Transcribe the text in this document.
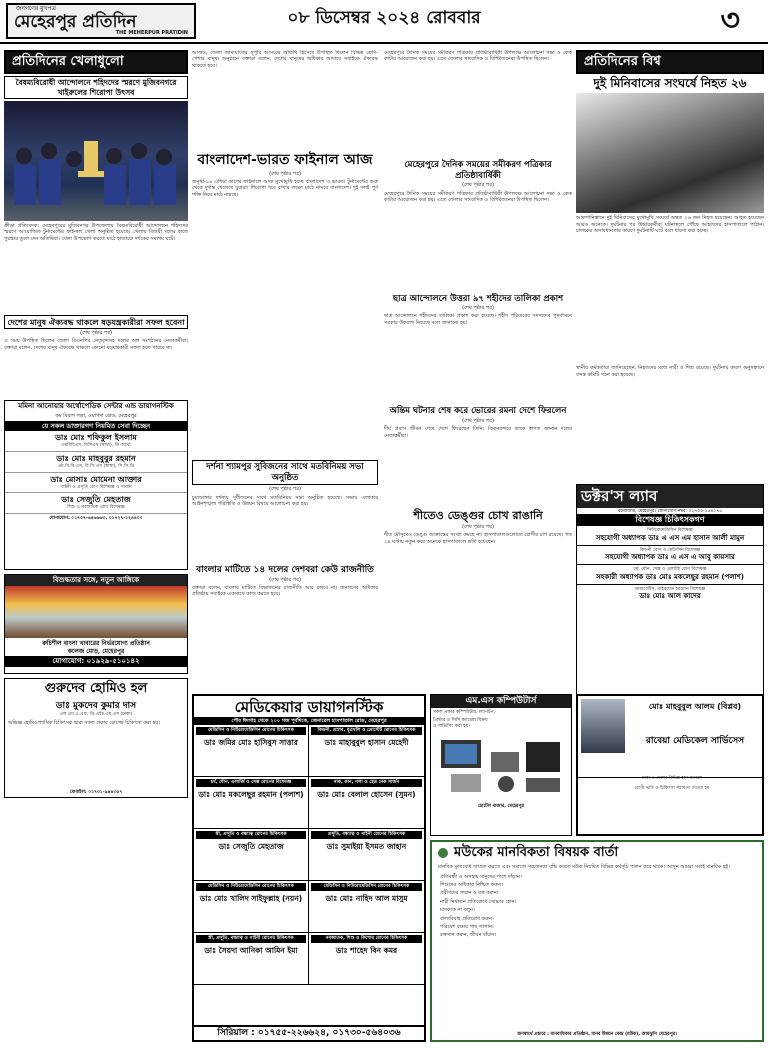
জনগণের মুখপত্র
মেহেরপুর প্রতিদিন
THE MEHERPUR PRATIDIN
০৮ ডিসেম্বর ২০২৪ রোববার	৩
প্রতিদিনের খেলাধুলো
বৈষম্যবিরোধী আন্দোলনে শহিদদের স্মরণে মুজিবনগরে খাইরুলের শিরোপা উৎসব
ক্রীড়া প্রতিবেদক: মেহেরপুরের মুজিবনগর উপজেলায় বৈষম্যবিরোধী আন্দোলনে শহিদদের স্মরণে আয়োজিত টুর্নামেন্টের ফাইনাল খেলা অনুষ্ঠিত হয়েছে। খেলায় বিজয়ী দলের হাতে পুরস্কার তুলে দেন অতিথিরা। খেলা উপভোগ করতে মাঠে হাজারো দর্শকের সমাগম ঘটে।
দেশের মানুষ ঐক্যবদ্ধ থাকলে ষড়যন্ত্রকারীরা সফল হবেনা
(শেষ পৃষ্ঠার পর)
এ সময় উপস্থিত ছিলেন জেলা বিএনপির নেতৃবৃন্দসহ দলের অঙ্গ সংগঠনের নেতাকর্মীরা। বক্তারা বলেন, দেশের মানুষ ঐক্যবদ্ধ থাকলে কোনো ষড়যন্ত্রকারী সফল হতে পারবে না।
মমিনা আনোয়ার অর্থোপেডিক সেন্টার এন্ড ডায়াগনস্টিক
কম বিরাগ গড়া, ওয়াপদা রোড, মেহেরপুর
যে সকল ডাক্তারগণ নিয়মিত সেবা দিচ্ছেন
ডাঃ মোঃ শফিকুল ইসলাম
এমবিবিএস, বিসিএস (স্বাস্থ্য), ডি-অর্থো
ডাঃ মোঃ মাহবুবুর রহমান
এম.বি.বি.এস, বি.সি.এস (স্বাস্থ্য), সি.সি.ডি
ডাঃ মোসাঃ মোমেনা আক্তার
গাইনী ও প্রসূতি রোগ বিশেষজ্ঞ ও সার্জন
ডাঃ সেজুতি মেহতাজ
শিশু ও নবজাতক রোগ বিশেষজ্ঞ
যোগাযোগ: ০১৭০৭-৬৪৬৬৬৩, ০১৭২৭-১২৪৪০০
বিশুদ্ধতার সঙ্গে, নতুন আঙ্গিকে
রুচিশীল বাংলা খাবারের নির্ভরযোগ্য প্রতিষ্ঠান
কলেজ মোড়, মেহেরপুর
যোগাযোগ: ০১৯২৯-৫১০১৪২
গুরুদেব হোমিও হল
ডাঃ মুকদেব কুমার দাস
এল.এম.এ.এফ, ডি.এইচ.এম.এস (ঢাকা)
অভিজ্ঞ হোমিওপ্যাথিক চিকিৎসক দ্বারা সকল প্রকার রোগের চিকিৎসা করা হয়।
মোবাইল: ০১৭৩১-৯৪৪৩৫৭
আজও, জেলা জামায়াতের সুপুরি আসরের অতিথি হিসেবে উপস্থিত ছিলেন বিভিন্ন শ্রেণি-পেশার মানুষ। অনুষ্ঠানে বক্তারা বলেন, দেশের মানুষের অধিকার আদায়ে সবাইকে ঐক্যবদ্ধ থাকতে হবে।
বাংলাদেশ-ভারত ফাইনাল আজ
(শেষ পৃষ্ঠার পর)
অনূর্ধ্ব-১৯ এশিয়া কাপের ফাইনালে আজ মুখোমুখি হচ্ছে বাংলাদেশ ও ভারত। টুর্নামেন্টের শুরু থেকে দুর্দান্ত খেলেছে যুবারা। শিরোপা ধরে রাখার লক্ষ্যে মাঠে নামবে বাংলাদেশ। দুই দলই পূর্ণ শক্তি নিয়ে মাঠে নামছে।
মেহেরপুরে দৈনিক সময়ের সমীকরণ পত্রিকার প্রতিষ্ঠাবার্ষিকী উপলক্ষে আলোচনা সভা ও কেক কাটার আয়োজন করা হয়। এতে জেলার সাংবাদিক ও বিশিষ্টজনেরা উপস্থিত ছিলেন।
মেহেরপুরে দৈনিক সময়ের সমীকরণ পত্রিকার প্রতিষ্ঠাবার্ষিকী
(শেষ পৃষ্ঠার পর)
মেহেরপুরে দৈনিক সময়ের সমীকরণ পত্রিকার প্রতিষ্ঠাবার্ষিকী উপলক্ষে আলোচনা সভা ও কেক কাটার আয়োজন করা হয়। এতে জেলার সাংবাদিক ও বিশিষ্টজনেরা উপস্থিত ছিলেন।
ছাত্র আন্দোলনে উত্তরা ৯৭ শহীদের তালিকা প্রকাশ
(শেষ পৃষ্ঠার পর)
ছাত্র আন্দোলনে শহীদদের তালিকা প্রকাশ করা হয়েছে। শহীদ পরিবারের সদস্যদের পুনর্বাসনে সরকার উদ্যোগ নিয়েছে বলে জানানো হয়।
অন্তিম ঘটনার শেষ করে ভোরের রমনা দেশে ফিরলেন
(শেষ পৃষ্ঠার পর)
দীর্ঘ প্রবাস জীবন শেষে দেশে ফিরেছেন তিনি। বিমানবন্দরে তাকে স্বাগত জানান দলের নেতাকর্মীরা।
শীতেও ডেঙ্গুর চোখ রাঙানি
(শেষ পৃষ্ঠার পর)
শীত মৌসুমেও ডেঙ্গু আক্রান্তের সংখ্যা কমছে না। হাসপাতালগুলোতে রোগীর চাপ রয়েছে। গত ২৪ ঘণ্টায় নতুন করে অনেকে হাসপাতালে ভর্তি হয়েছেন।
দর্শনা শ্যামপুর সুবিজনের সাথে মতবিনিময় সভা অনুষ্ঠিত
(শেষ পৃষ্ঠার পর)
চুয়াডাঙ্গার দর্শনায় সুধীজনের সাথে মতবিনিময় সভা অনুষ্ঠিত হয়েছে। সভায় এলাকার আইনশৃঙ্খলা পরিস্থিতি ও উন্নয়ন বিষয়ে আলোচনা করা হয়।
বাংলার মাটিতে ১৪ দলের দেশবরা কেউ রাজনীতি
(শেষ পৃষ্ঠার পর)
বক্তারা বলেন, বাংলার মাটিতে বিভাজনের রাজনীতি আর চলবে না। জনগণের অধিকার প্রতিষ্ঠায় সবাইকে একসাথে কাজ করতে হবে।
প্রতিদিনের বিশ্ব
দুই মিনিবাসের সংঘর্ষে নিহত ২৬
আফগানিস্তানে দুই মিনিবাসের মুখোমুখি সংঘর্ষে অন্তত ২৬ জন নিহত হয়েছেন। আহত হয়েছেন আরও অনেকে। দুর্ঘটনার পর উদ্ধারকর্মীরা ঘটনাস্থলে পৌঁছে আহতদের হাসপাতালে পাঠান। চালকের অসাবধানতার কারণে দুর্ঘটনাটি ঘটে বলে ধারণা করা হচ্ছে।
স্থানীয় কর্মকর্তারা জানিয়েছেন, নিহতদের মধ্যে নারী ও শিশু রয়েছে। দুর্ঘটনার কারণ অনুসন্ধানে তদন্ত কমিটি গঠন করা হয়েছে।
ডক্টর'স ল্যাব
বড়বাজার, মেহেরপুর। যোগাযোগ নম্বর: ০১৭৩০-১৫৪২৭৫
বিশেষজ্ঞ চিকিৎসকগণ
নিউরোমেডিসিন বিশেষজ্ঞ
সহযোগী অধ্যাপক ডাঃ এ এস এম হাসান আলী মামুন
কিডনী রোগ ও মেডিসিন বিশেষজ্ঞ
সহযোগী অধ্যাপক ডাঃ এ এস এ আবু কায়সার
চর্ম, যৌন, সেক্স ও এলার্জি রোগ বিশেষজ্ঞ
সহকারী অধ্যাপক ডাঃ মোঃ মকলেছুর রহমান (পলাশ)
ডায়াবেটিস, থাইরয়েড হরমোন বিশেষজ্ঞ
ডাঃ মোঃ আল কাদের
মেডিকেয়ার ডায়াগনস্টিক
পৌর ঈদগাহ থেকে ২০০ গজ পূর্বদিকে, জেনারেল হাসপাতাল রোড, মেহেরপুর
মেডিসিন ও নিউরোমেডিসিন রোগের চিকিৎসক
ডাঃ জমির মোঃ হাসিবুস সাত্তার
কিডনী, প্রস্রাব, মূত্রথলি ও প্রোস্টেট রোগের চিকিৎসক
ডাঃ মাহাবুবুল হাসান মেহেদী
চর্ম, যৌন, এলার্জি ও সেক্স রোগের বিশেষজ্ঞ
ডাঃ মোঃ মকলেছুর রহমান (পলাশ)
নাক, কান, গলা ও হেড নেক সার্জন
ডাঃ মোঃ বেলাল হোসেন (সুমন)
স্ত্রী, প্রসূতি ও বন্ধ্যাত্ব রোগের চিকিৎসক
ডাঃ সেজুতি মেহতাজ
প্রসূতি, বন্ধ্যাত্ব ও গাইনী রোগের চিকিৎসক
ডাঃ সুমাইয়া ইসমত জাহান
মেডিসিন ও নিউরোমেডিসিন রোগের চিকিৎসক
ডাঃ মোঃ খালিদ সাইফুল্লাহ (নয়ন)
মেডিসিন ও নিউরোমেডিসিন রোগের চিকিৎসক
ডাঃ মোঃ নাহিদ আল মাসুম
স্ত্রী, প্রসূতি, বন্ধ্যাত্ব ও গাইনী রোগের চিকিৎসক
ডাঃ সৈয়দা আনিকা আমিন ইমা
নবজাতক, শিশু ও কিশোর রোগের চিকিৎসক
ডাঃ শাহেদ বিন কমর
সিরিয়াল : ০১৭৫৫-২২৬৬২৪, ০১৭৩০-৫৬৪০৩৬
এম.এস কম্পিউটার্স
সকল প্রকার কম্পিউটার, ল্যাপটপ,
প্রিন্টার ও সিসি ক্যামেরা বিক্রয়
ও সার্ভিসিং করা হয়।
হোটেল বাজার, মেহেরপুর
মোঃ মাহবুবুল আলম (বিপ্লব)
রাবেয়া মেডিকেল সার্ভিসেস
ঢাকা ও দেশের বিভিন্ন হাসপাতালে
রোগী ভর্তি ও চিকিৎসা সহায়তা দেওয়া হয়
মউকের মানবিকতা বিষয়ক বার্তা
মানবিক মূল্যবোধ জাগ্রত করতে এবং সমাজে সচেতনতা বৃদ্ধি করতে মউক নিয়মিত বিভিন্ন কর্মসূচি পালন করে থাকে। আসুন আমরা সবাই মানবিক হই।
প্রতিবন্ধী ও অসহায় মানুষের পাশে দাঁড়ান।
শিশুদের অধিকার নিশ্চিত করুন।
প্রবীণদের সম্মান ও যত্ন করুন।
নারী নির্যাতন প্রতিরোধে সোচ্চার হোন।
মাদককে না বলুন।
বাল্যবিবাহ প্রতিরোধ করুন।
পরিবেশ রক্ষায় গাছ লাগান।
রক্তদান করুন, জীবন বাঁচান।
জনস্বার্থে প্রচারে : মানবাধিকার প্রতিষ্ঠান, মানব উন্নয়ন কেন্দ্র (মউক), আমঝুপি মেহেরপুর।
